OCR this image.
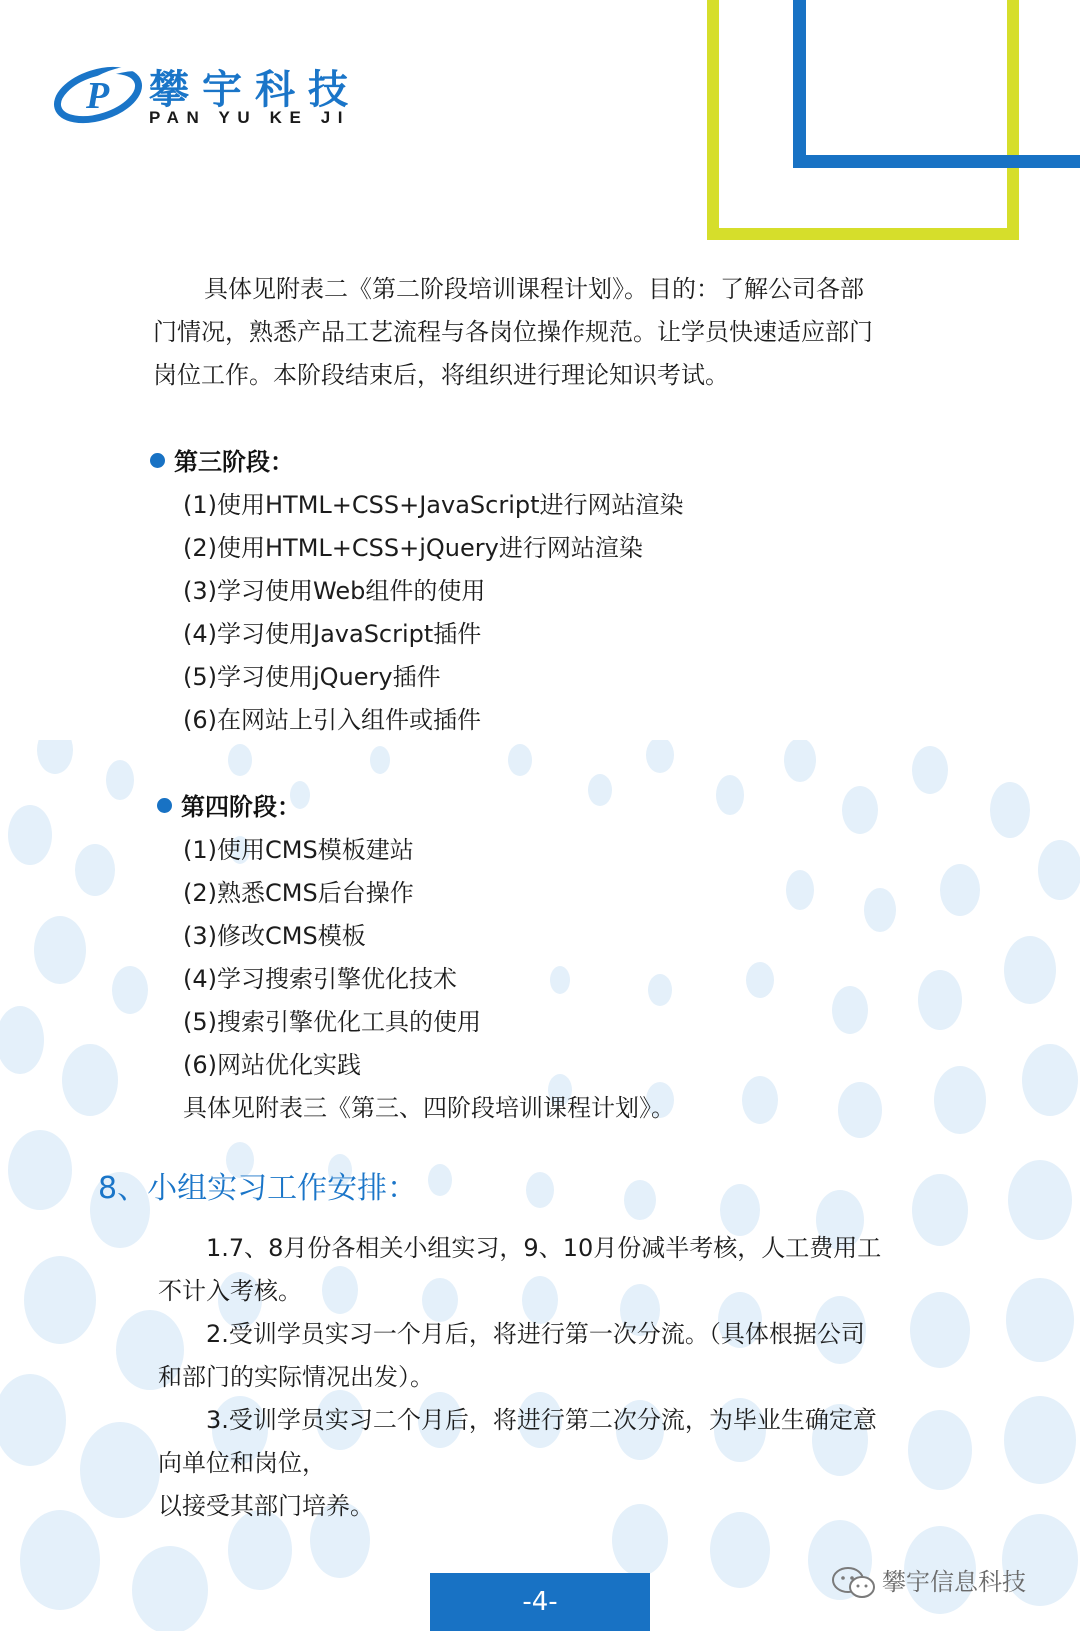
P 攀宇科技
PAN YU KE JI
具体见附表二《第二阶段培训课程计划》。目的：了解公司各部
门情况，熟悉产品工艺流程与各岗位操作规范。让学员快速适应部门
岗位工作。本阶段结束后，将组织进行理论知识考试。
第三阶段：
(1)使用HTML+CSS+JavaScript进行网站渲染
(2)使用HTML+CSS+jQuery进行网站渲染
(3)学习使用Web组件的使用
(4)学习使用JavaScript插件
(5)学习使用jQuery插件
(6)在网站上引入组件或插件
第四阶段：
(1)使用CMS模板建站
(2)熟悉CMS后台操作
(3)修改CMS模板
(4)学习搜索引擎优化技术
(5)搜索引擎优化工具的使用
(6)网站优化实践
具体见附表三《第三、四阶段培训课程计划》。
8、小组实习工作安排：
1.7、8月份各相关小组实习，9、10月份减半考核，人工费用工
不计入考核。
2.受训学员实习一个月后，将进行第一次分流。（具体根据公司
和部门的实际情况出发）。
3.受训学员实习二个月后，将进行第二次分流，为毕业生确定意
向单位和岗位，
以接受其部门培养。
-4-
攀宇信息科技
